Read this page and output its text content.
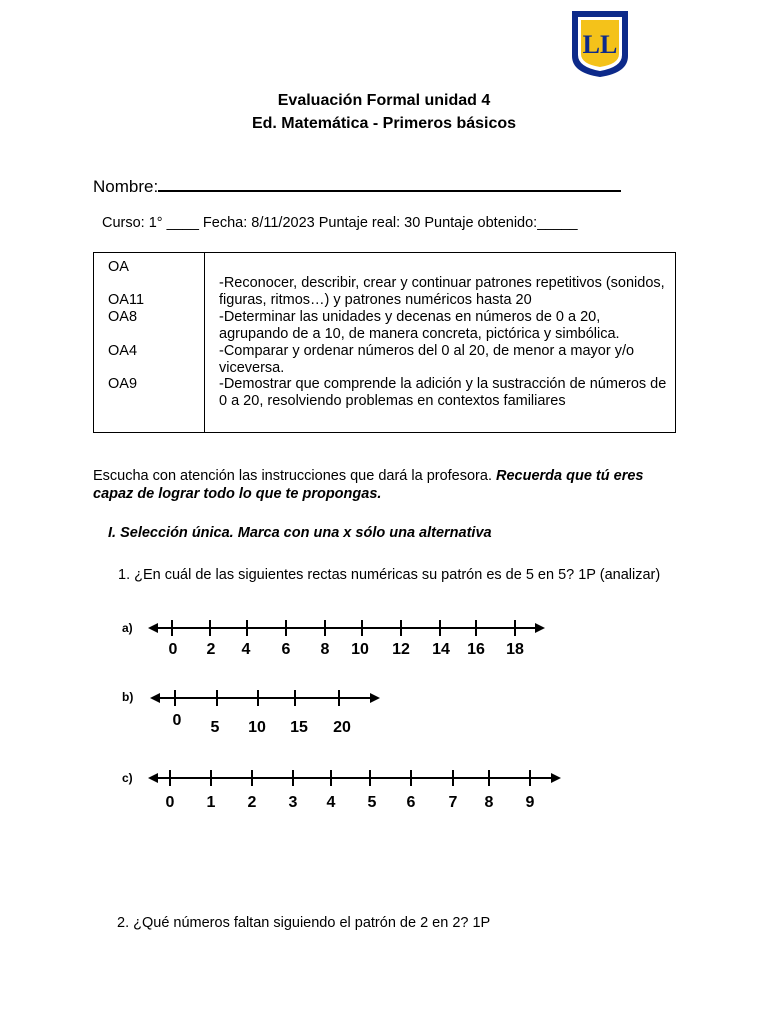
LL
Evaluación Formal unidad 4
Ed. Matemática - Primeros básicos
Nombre:
Curso: 1° ____ Fecha: 8/11/2023 Puntaje real: 30 Puntaje obtenido:_____
OA
OA11
OA8
OA4
OA9
-Reconocer, describir, crear y continuar patrones repetitivos (sonidos, figuras, ritmos…) y patrones numéricos hasta 20
-Determinar las unidades y decenas en números de 0 a 20, agrupando de a 10, de manera concreta, pictórica y simbólica.
-Comparar y ordenar números del 0 al 20, de menor a mayor y/o viceversa.
-Demostrar que comprende la adición y la sustracción de números de 0 a 20, resolviendo problemas en contextos familiares
Escucha con atención las instrucciones que dará la profesora. Recuerda que tú eres capaz de lograr todo lo que te propongas.
I. Selección única. Marca con una x sólo una alternativa
1. ¿En cuál de las siguientes rectas numéricas su patrón es de 5 en 5? 1P (analizar)
a)
0 2 4 6 8 10 12 14 16 18
b)
0 5 10 15 20
c)
0 1 2 3 4 5 6 7 8 9
2. ¿Qué números faltan siguiendo el patrón de 2 en 2? 1P
